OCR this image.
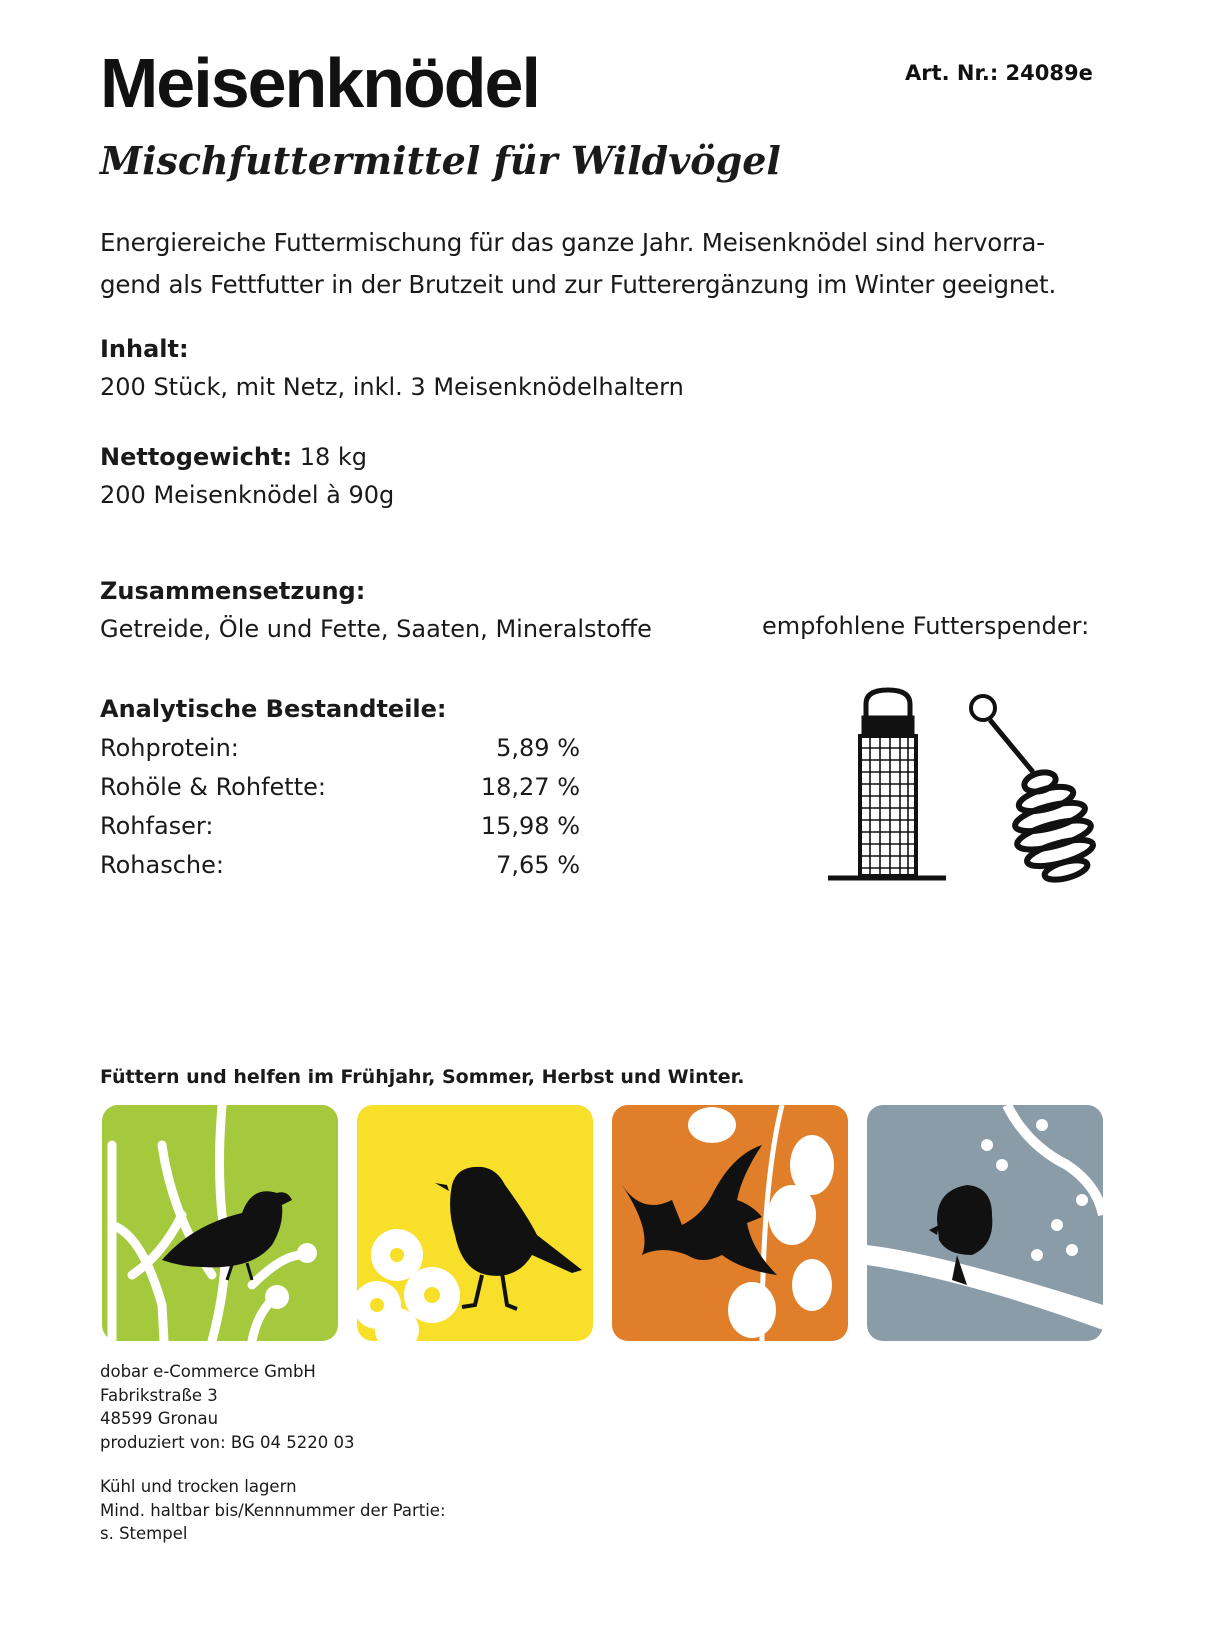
Meisenknödel
Mischfuttermittel für Wildvögel
Art. Nr.: 24089e
Energiereiche Futtermischung für das ganze Jahr. Meisenknödel sind hervorra-
gend als Fettfutter in der Brutzeit und zur Futterergänzung im Winter geeignet.
Inhalt:
200 Stück, mit Netz, inkl. 3 Meisenknödelhaltern
Nettogewicht: 18 kg
200 Meisenknödel à 90g
Zusammensetzung:
Getreide, Öle und Fette, Saaten, Mineralstoffe
Analytische Bestandteile:
Rohprotein:	5,89 %
Rohöle & Rohfette:	18,27 %
Rohfaser:	15,98 %
Rohasche:	7,65 %
empfohlene Futterspender:
Füttern und helfen im Frühjahr, Sommer, Herbst und Winter.
dobar e-Commerce GmbH
Fabrikstraße 3
48599 Gronau
produziert von: BG 04 5220 03
Kühl und trocken lagern
Mind. haltbar bis/Kennnummer der Partie:
s. Stempel
